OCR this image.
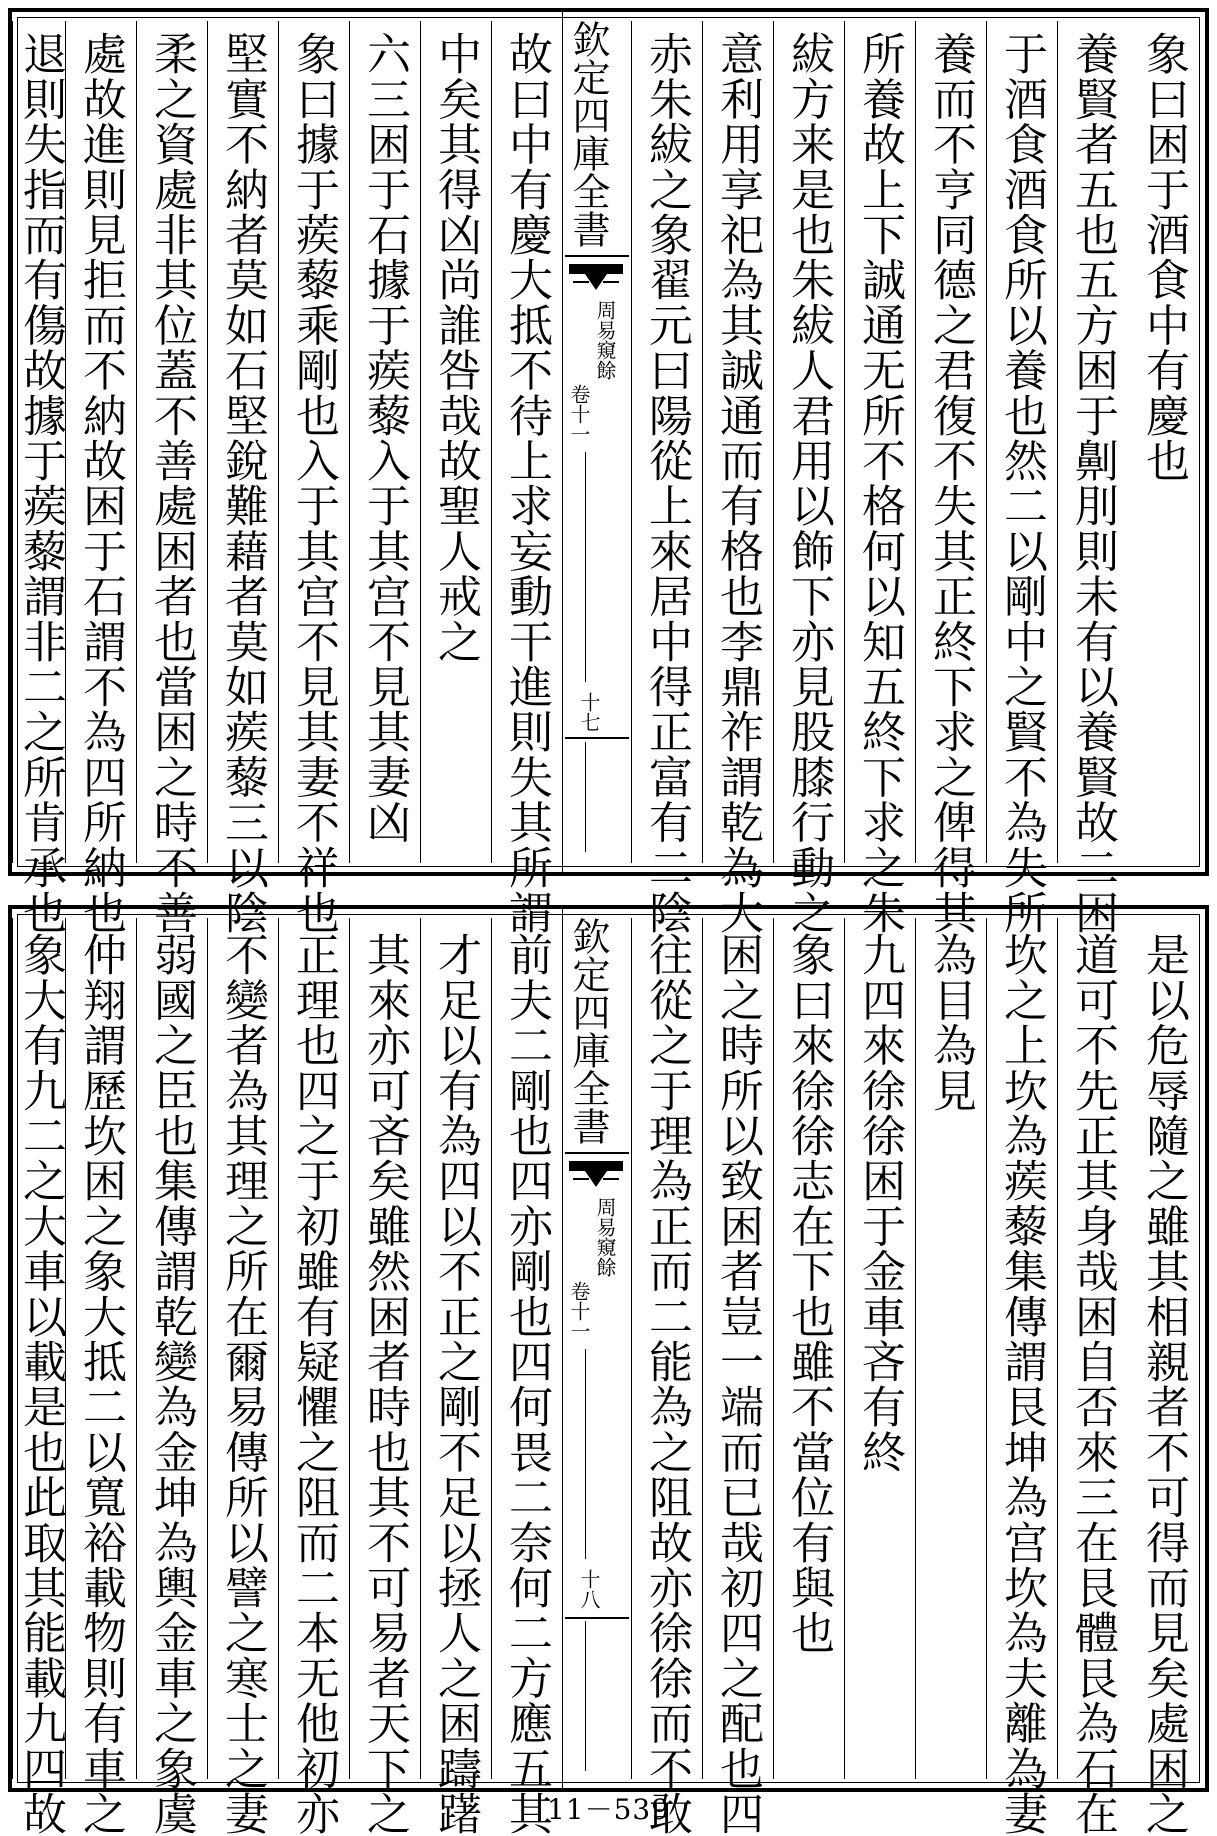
象曰困于酒食中有慶也
養賢者五也五方困于劓刖則未有以養賢故二困
于酒食酒食所以養也然二以剛中之賢不為失所
養而不亨同德之君復不失其正終下求之俾得其
所養故上下誠通无所不格何以知五終下求之朱
紱方来是也朱紱人君用以飾下亦見股膝行動之
意利用享祀為其誠通而有格也李鼎祚謂乾為大
赤朱紱之象翟元曰陽從上來居中得正富有二陰
欽定四庫全書
周易窺餘 卷十一
十七
故曰中有慶大抵不待上求妄動干進則失其所謂
中矣其得凶尚誰咎哉故聖人戒之
六三困于石據于蒺藜入于其宫不見其妻凶
象曰據于蒺藜乘剛也入于其宫不見其妻不祥也
堅實不納者莫如石堅銳難藉者莫如蒺藜三以陰
柔之資處非其位蓋不善處困者也當困之時不善
處故進則見拒而不納故困于石謂不為四所納也
退則失指而有傷故據于蒺藜謂非二之所肯承也
是以危辱隨之雖其相親者不可得而見矣處困之
道可不先正其身哉困自否來三在艮體艮為石在
坎之上坎為蒺藜集傳謂艮坤為宫坎為夫離為妻
為目為見
九四來徐徐困于金車吝有終
象曰來徐徐志在下也雖不當位有與也
困之時所以致困者豈一端而已哉初四之配也四
往從之于理為正而二能為之阻故亦徐徐而不敢
欽定四庫全書
周易窺餘 卷十一
十八
前夫二剛也四亦剛也四何畏二奈何二方應五其
才足以有為四以不正之剛不足以拯人之困躊躇
其來亦可吝矣雖然困者時也其不可易者天下之
正理也四之于初雖有疑懼之阻而二本无他初亦
不變者為其理之所在爾易傳所以譬之寒士之妻
弱國之臣也集傳謂乾變為金坤為輿金車之象虞
仲翔謂歷坎困之象大抵二以寬裕載物則有車之
象大有九二之大車以載是也此取其能載九四故	11－539
